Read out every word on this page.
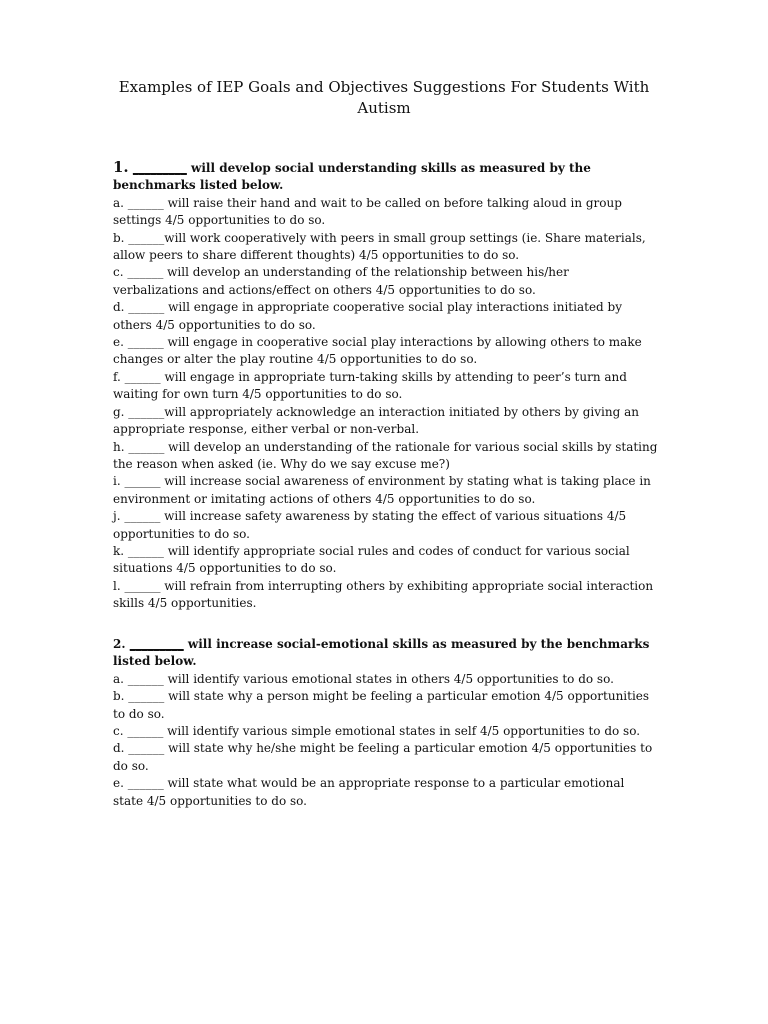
Examples of IEP Goals and Objectives Suggestions For Students With Autism
1. _________ will develop social understanding skills as measured by the benchmarks listed below.
a. ______ will raise their hand and wait to be called on before talking aloud in group settings 4/5 opportunities to do so.
b. ______will work cooperatively with peers in small group settings (ie. Share materials, allow peers to share different thoughts) 4/5 opportunities to do so.
c. ______ will develop an understanding of the relationship between his/her verbalizations and actions/effect on others 4/5 opportunities to do so.
d. ______ will engage in appropriate cooperative social play interactions initiated by others 4/5 opportunities to do so.
e. ______ will engage in cooperative social play interactions by allowing others to make changes or alter the play routine 4/5 opportunities to do so.
f. ______ will engage in appropriate turn-taking skills by attending to peer’s turn and waiting for own turn 4/5 opportunities to do so.
g. ______will appropriately acknowledge an interaction initiated by others by giving an appropriate response, either verbal or non-verbal.
h. ______ will develop an understanding of the rationale for various social skills by stating the reason when asked (ie. Why do we say excuse me?)
i. ______ will increase social awareness of environment by stating what is taking place in environment or imitating actions of others 4/5 opportunities to do so.
j. ______ will increase safety awareness by stating the effect of various situations 4/5 opportunities to do so.
k. ______ will identify appropriate social rules and codes of conduct for various social situations 4/5 opportunities to do so.
l. ______ will refrain from interrupting others by exhibiting appropriate social interaction skills 4/5 opportunities.
2. _________ will increase social-emotional skills as measured by the benchmarks listed below.
a. ______ will identify various emotional states in others 4/5 opportunities to do so.
b. ______ will state why a person might be feeling a particular emotion 4/5 opportunities to do so.
c. ______ will identify various simple emotional states in self 4/5 opportunities to do so.
d. ______ will state why he/she might be feeling a particular emotion 4/5 opportunities to do so.
e. ______ will state what would be an appropriate response to a particular emotional state 4/5 opportunities to do so.
